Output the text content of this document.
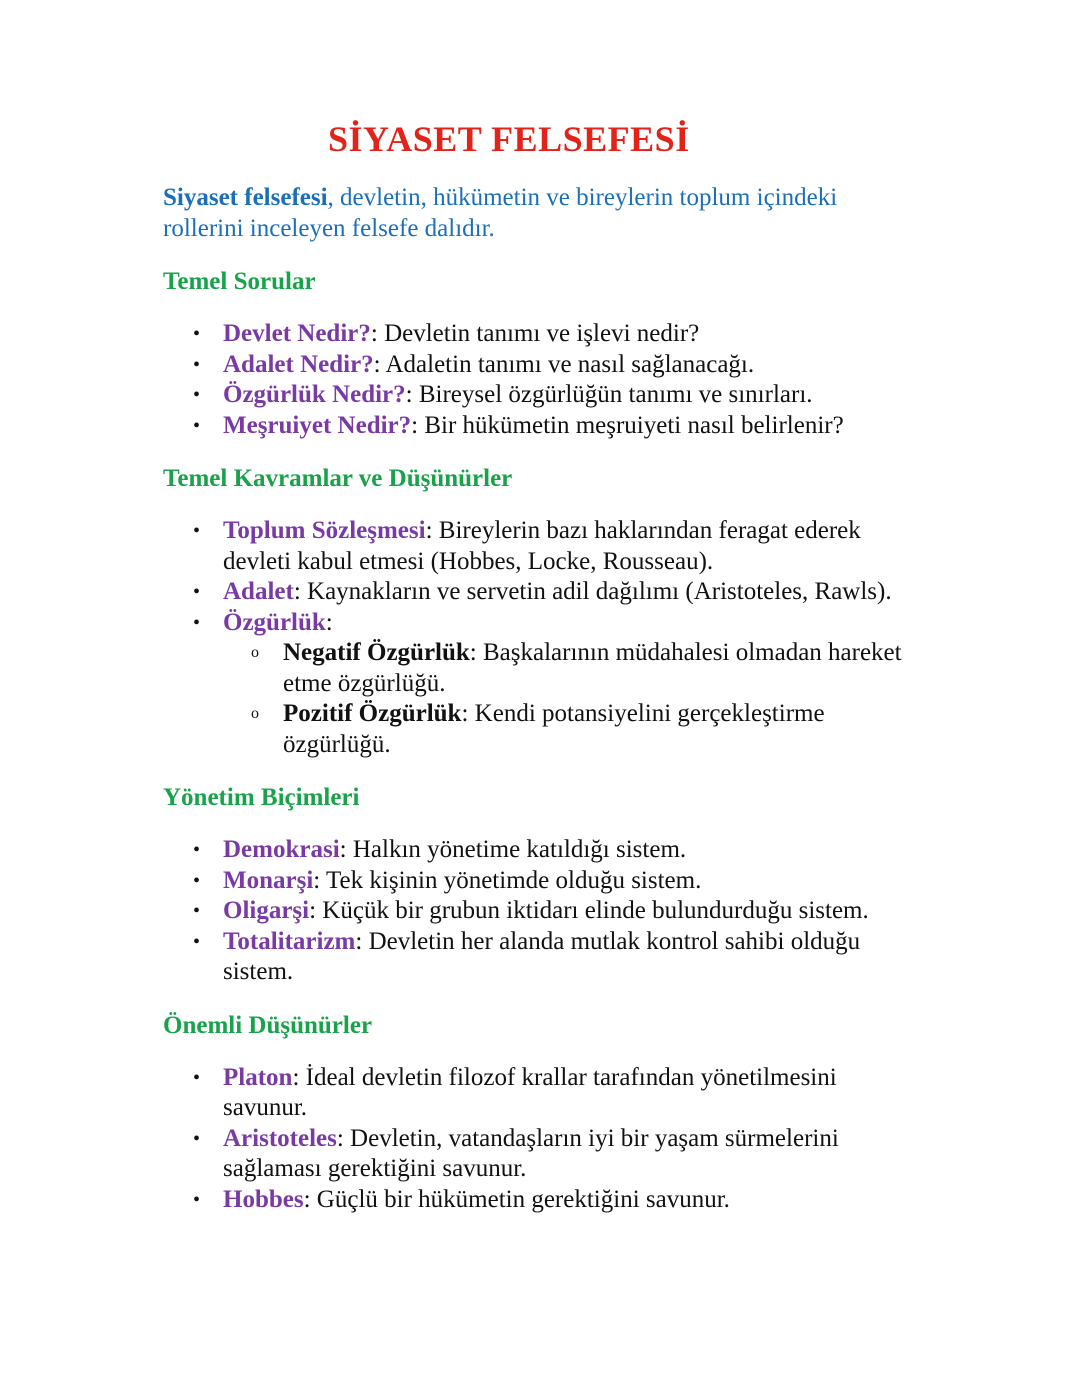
SİYASET FELSEFESİ

Siyaset felsefesi, devletin, hükümetin ve bireylerin toplum içindeki rollerini inceleyen felsefe dalıdır.

Temel Sorular
• Devlet Nedir?: Devletin tanımı ve işlevi nedir?
• Adalet Nedir?: Adaletin tanımı ve nasıl sağlanacağı.
• Özgürlük Nedir?: Bireysel özgürlüğün tanımı ve sınırları.
• Meşruiyet Nedir?: Bir hükümetin meşruiyeti nasıl belirlenir?
Temel Kavramlar ve Düşünürler
• Toplum Sözleşmesi: Bireylerin bazı haklarından feragat ederek devleti kabul etmesi (Hobbes, Locke, Rousseau).
• Adalet: Kaynakların ve servetin adil dağılımı (Aristoteles, Rawls).
• Özgürlük:
o Negatif Özgürlük: Başkalarının müdahalesi olmadan hareket etme özgürlüğü.
o Pozitif Özgürlük: Kendi potansiyelini gerçekleştirme özgürlüğü.
Yönetim Biçimleri
• Demokrasi: Halkın yönetime katıldığı sistem.
• Monarşi: Tek kişinin yönetimde olduğu sistem.
• Oligarşi: Küçük bir grubun iktidarı elinde bulundurduğu sistem.
• Totalitarizm: Devletin her alanda mutlak kontrol sahibi olduğu sistem.
Önemli Düşünürler
• Platon: İdeal devletin filozof krallar tarafından yönetilmesini savunur.
• Aristoteles: Devletin, vatandaşların iyi bir yaşam sürmelerini sağlaması gerektiğini savunur.
• Hobbes: Güçlü bir hükümetin gerektiğini savunur.
